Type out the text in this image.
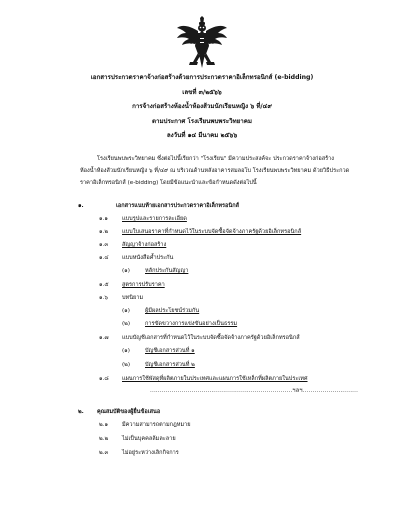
เอกสารประกวดราคาจ้างก่อสร้างด้วยการประกวดราคาอิเล็กทรอนิกส์ (e-bidding)
เลขที่ ๓/๒๕๖๖
การจ้างก่อสร้างห้องน้ำห้องส้วมนักเรียนหญิง ๖ ที่/๔๙
ตามประกาศ โรงเรียนพบพระวิทยาคม
ลงวันที่ ๑๔ มีนาคม ๒๕๖๖
โรงเรียนพบพระวิทยาคม ซึ่งต่อไปนี้เรียกว่า "โรงเรียน" มีความประสงค์จะ ประกวดราคาจ้างก่อสร้าง
ห้องน้ำห้องส้วมนักเรียนหญิง ๖ ที่/๔๙ ณ บริเวณด้านหลังอาคารสมลอโบ โรงเรียนพบพระวิทยาคม ด้วยวิธีประกวด
ราคาอิเล็กทรอนิกส์ (e-bidding) โดยมีข้อแนะนำและข้อกำหนดดังต่อไปนี้
๑.	เอกสารแนบท้ายเอกสารประกวดราคาอิเล็กทรอนิกส์
๑.๑	แบบรูปและรายการละเอียด
๑.๒ แบบใบเสนอราคาที่กำหนดไว้ในระบบจัดซื้อจัดจ้างภาครัฐด้วยอิเล็กทรอนิกส์
๑.๓ สัญญาจ้างก่อสร้าง
๑.๔ แบบหนังสือค้ำประกัน
(๑)	หลักประกันสัญญา
๑.๕ สูตรการปรับราคา
๑.๖	บทนิยาม
(๑)	ผู้มีผลประโยชน์ร่วมกัน
(๒)	การขัดขวางการแข่งขันอย่างเป็นธรรม
๑.๗ แบบบัญชีเอกสารที่กำหนดไว้ในระบบจัดซื้อจัดจ้างภาครัฐด้วยอิเล็กทรอนิกส์
(๑)	บัญชีเอกสารส่วนที่ ๑
(๒)	บัญชีเอกสารส่วนที่ ๒
๑.๘ แผนการใช้พัสดุที่ผลิตภายในประเทศและแผนการใช้เหล็กที่ผลิตภายในประเทศ
........................................................................ฯลฯ............................
๒. คุณสมบัติของผู้ยื่นข้อเสนอ
๒.๑ มีความสามารถตามกฎหมาย
๒.๒ ไม่เป็นบุคคลล้มละลาย
๒.๓ ไม่อยู่ระหว่างเลิกกิจการ
